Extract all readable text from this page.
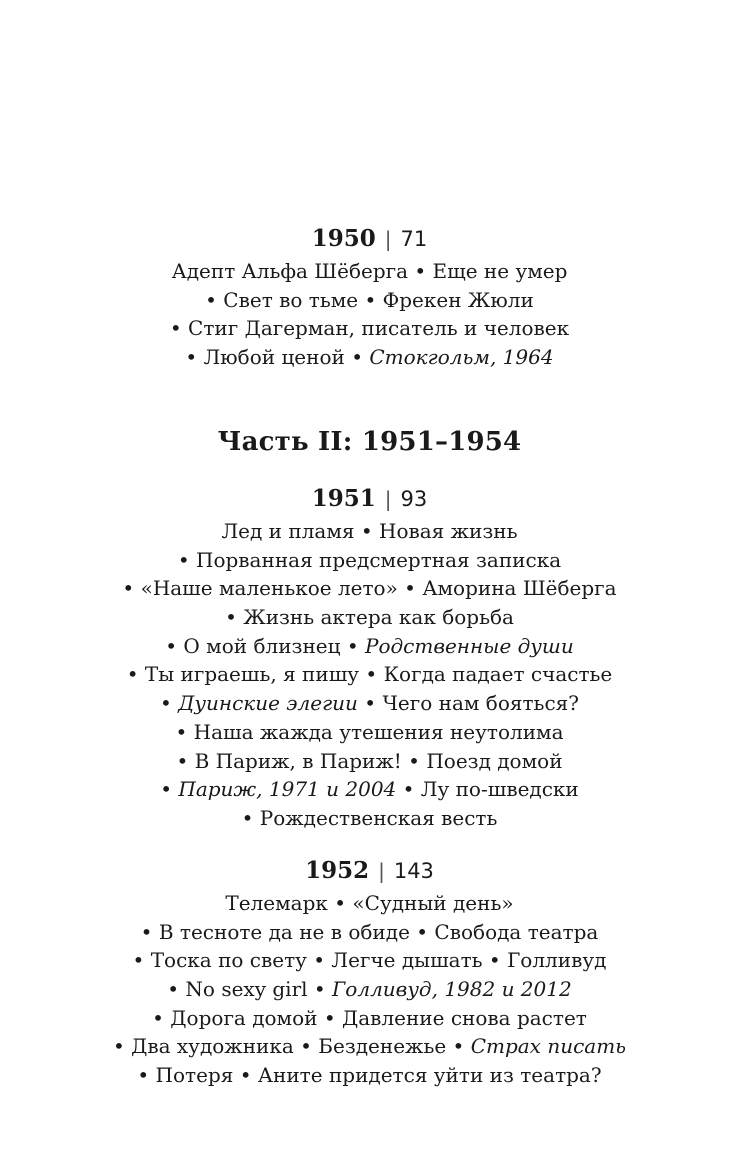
1950 | 71
Адепт Альфа Шёберга • Еще не умер
• Свет во тьме • Фрекен Жюли
• Стиг Дагерман, писатель и человек
• Любой ценой • Стокгольм, 1964
Часть II: 1951–1954
1951 | 93
Лед и пламя • Новая жизнь
• Порванная предсмертная записка
• «Наше маленькое лето» • Аморина Шёберга
• Жизнь актера как борьба
• О мой близнец • Родственные души
• Ты играешь, я пишу • Когда падает счастье
• Дуинские элегии • Чего нам бояться?
• Наша жажда утешения неутолима
• В Париж, в Париж! • Поезд домой
• Париж, 1971 и 2004 • Лу по-шведски
• Рождественская весть
1952 | 143
Телемарк • «Судный день»
• В тесноте да не в обиде • Свобода театра
• Тоска по свету • Легче дышать • Голливуд
• No sexy girl • Голливуд, 1982 и 2012
• Дорога домой • Давление снова растет
• Два художника • Безденежье • Страх писать
• Потеря • Аните придется уйти из театра?
